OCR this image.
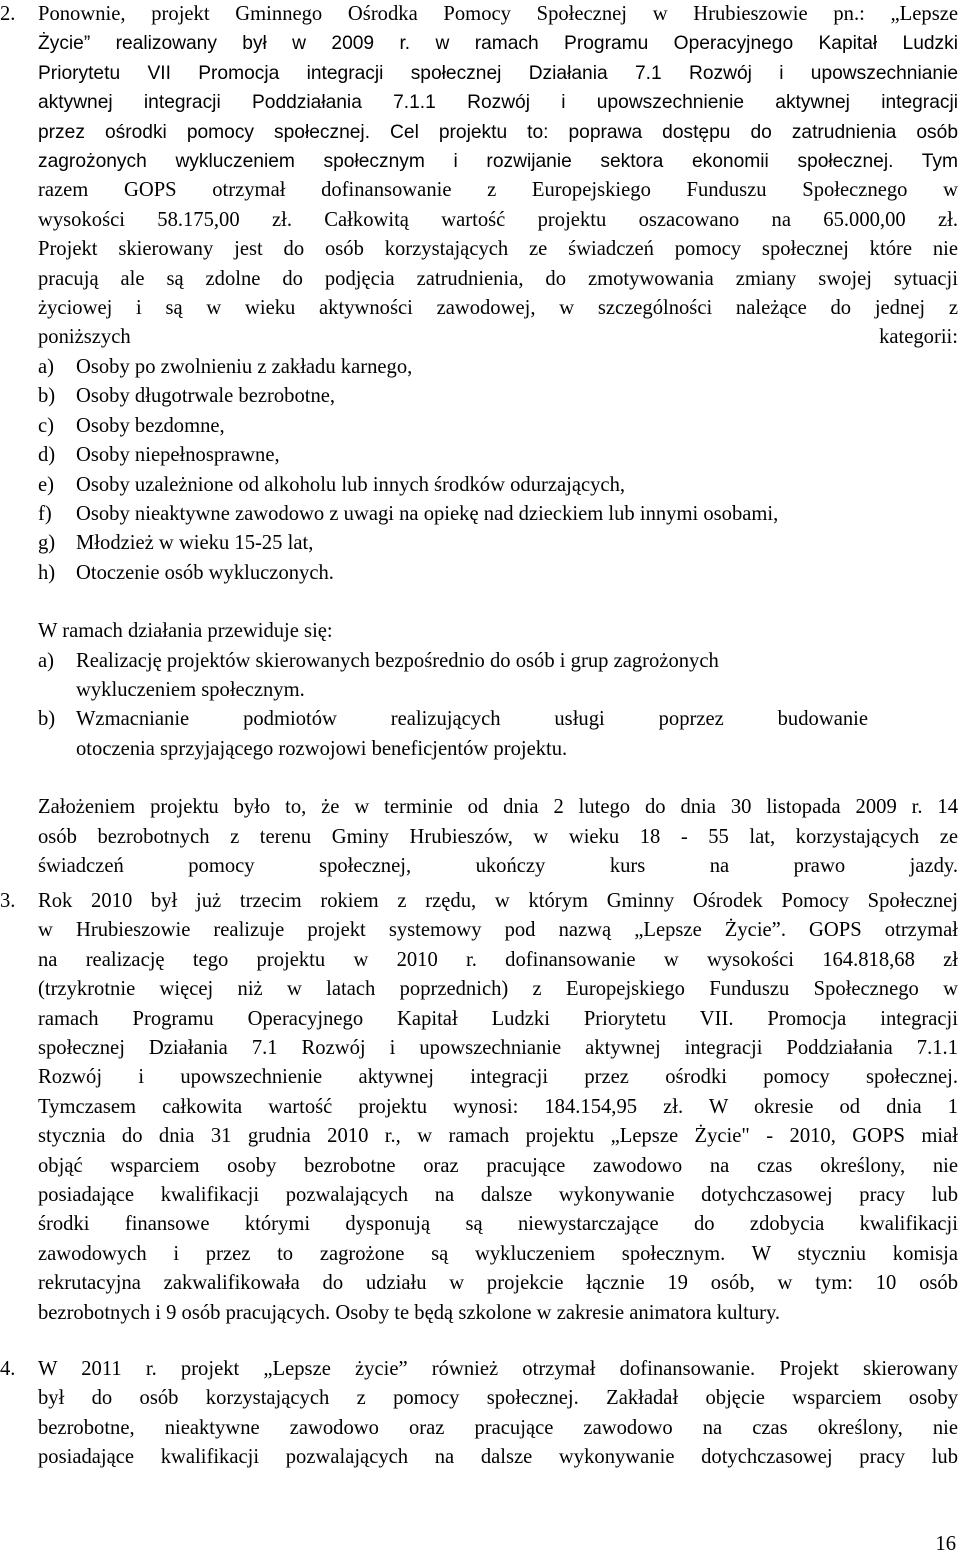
2.	Ponownie, projekt Gminnego Ośrodka Pomocy Społecznej w Hrubieszowie pn.: „Lepsze
Życie” realizowany był w 2009 r. w ramach Programu Operacyjnego Kapitał Ludzki
Priorytetu VII Promocja integracji społecznej Działania 7.1 Rozwój i upowszechnianie
aktywnej integracji Poddziałania 7.1.1 Rozwój i upowszechnienie aktywnej integracji
przez ośrodki pomocy społecznej. Cel projektu to: poprawa dostępu do zatrudnienia osób
zagrożonych wykluczeniem społecznym i rozwijanie sektora ekonomii społecznej. Tym
razem GOPS otrzymał dofinansowanie z Europejskiego Funduszu Społecznego w
wysokości 58.175,00 zł. Całkowitą wartość projektu oszacowano na 65.000,00 zł.
Projekt skierowany jest do osób korzystających ze świadczeń pomocy społecznej które nie
pracują ale są zdolne do podjęcia zatrudnienia, do zmotywowania zmiany swojej sytuacji
życiowej i są w wieku aktywności zawodowej, w szczególności należące do jednej z
poniższych kategorii:
a) Osoby po zwolnieniu z zakładu karnego,
b) Osoby długotrwale bezrobotne,
c) Osoby bezdomne,
d) Osoby niepełnosprawne,
e) Osoby uzależnione od alkoholu lub innych środków odurzających,
f) Osoby nieaktywne zawodowo z uwagi na opiekę nad dzieckiem lub innymi osobami,
g) Młodzież w wieku 15-25 lat,
h) Otoczenie osób wykluczonych.
W ramach działania przewiduje się:
a) Realizację projektów skierowanych bezpośrednio do osób i grup zagrożonych
wykluczeniem społecznym.
b) Wzmacnianie podmiotów realizujących usługi poprzez budowanie
otoczenia sprzyjającego rozwojowi beneficjentów projektu.
Założeniem projektu było to, że w terminie od dnia 2 lutego do dnia 30 listopada 2009 r. 14
osób bezrobotnych z terenu Gminy Hrubieszów, w wieku 18 - 55 lat, korzystających ze
świadczeń pomocy społecznej, ukończy kurs na prawo jazdy.
3.	Rok 2010 był już trzecim rokiem z rzędu, w którym Gminny Ośrodek Pomocy Społecznej
w Hrubieszowie realizuje projekt systemowy pod nazwą „Lepsze Życie”. GOPS otrzymał
na realizację tego projektu w 2010 r. dofinansowanie w wysokości 164.818,68 zł
(trzykrotnie więcej niż w latach poprzednich) z Europejskiego Funduszu Społecznego w
ramach Programu Operacyjnego Kapitał Ludzki Priorytetu VII. Promocja integracji
społecznej Działania 7.1 Rozwój i upowszechnianie aktywnej integracji Poddziałania 7.1.1
Rozwój i upowszechnienie aktywnej integracji przez ośrodki pomocy społecznej.
Tymczasem całkowita wartość projektu wynosi: 184.154,95 zł. W okresie od dnia 1
stycznia do dnia 31 grudnia 2010 r., w ramach projektu „Lepsze Życie" - 2010, GOPS miał
objąć wsparciem osoby bezrobotne oraz pracujące zawodowo na czas określony, nie
posiadające kwalifikacji pozwalających na dalsze wykonywanie dotychczasowej pracy lub
środki finansowe którymi dysponują są niewystarczające do zdobycia kwalifikacji
zawodowych i przez to zagrożone są wykluczeniem społecznym. W styczniu komisja
rekrutacyjna zakwalifikowała do udziału w projekcie łącznie 19 osób, w tym: 10 osób
bezrobotnych i 9 osób pracujących. Osoby te będą szkolone w zakresie animatora kultury.
4.	W 2011 r. projekt „Lepsze życie” również otrzymał dofinansowanie. Projekt skierowany
był do osób korzystających z pomocy społecznej. Zakładał objęcie wsparciem osoby
bezrobotne, nieaktywne zawodowo oraz pracujące zawodowo na czas określony, nie
posiadające kwalifikacji pozwalających na dalsze wykonywanie dotychczasowej pracy lub
16
